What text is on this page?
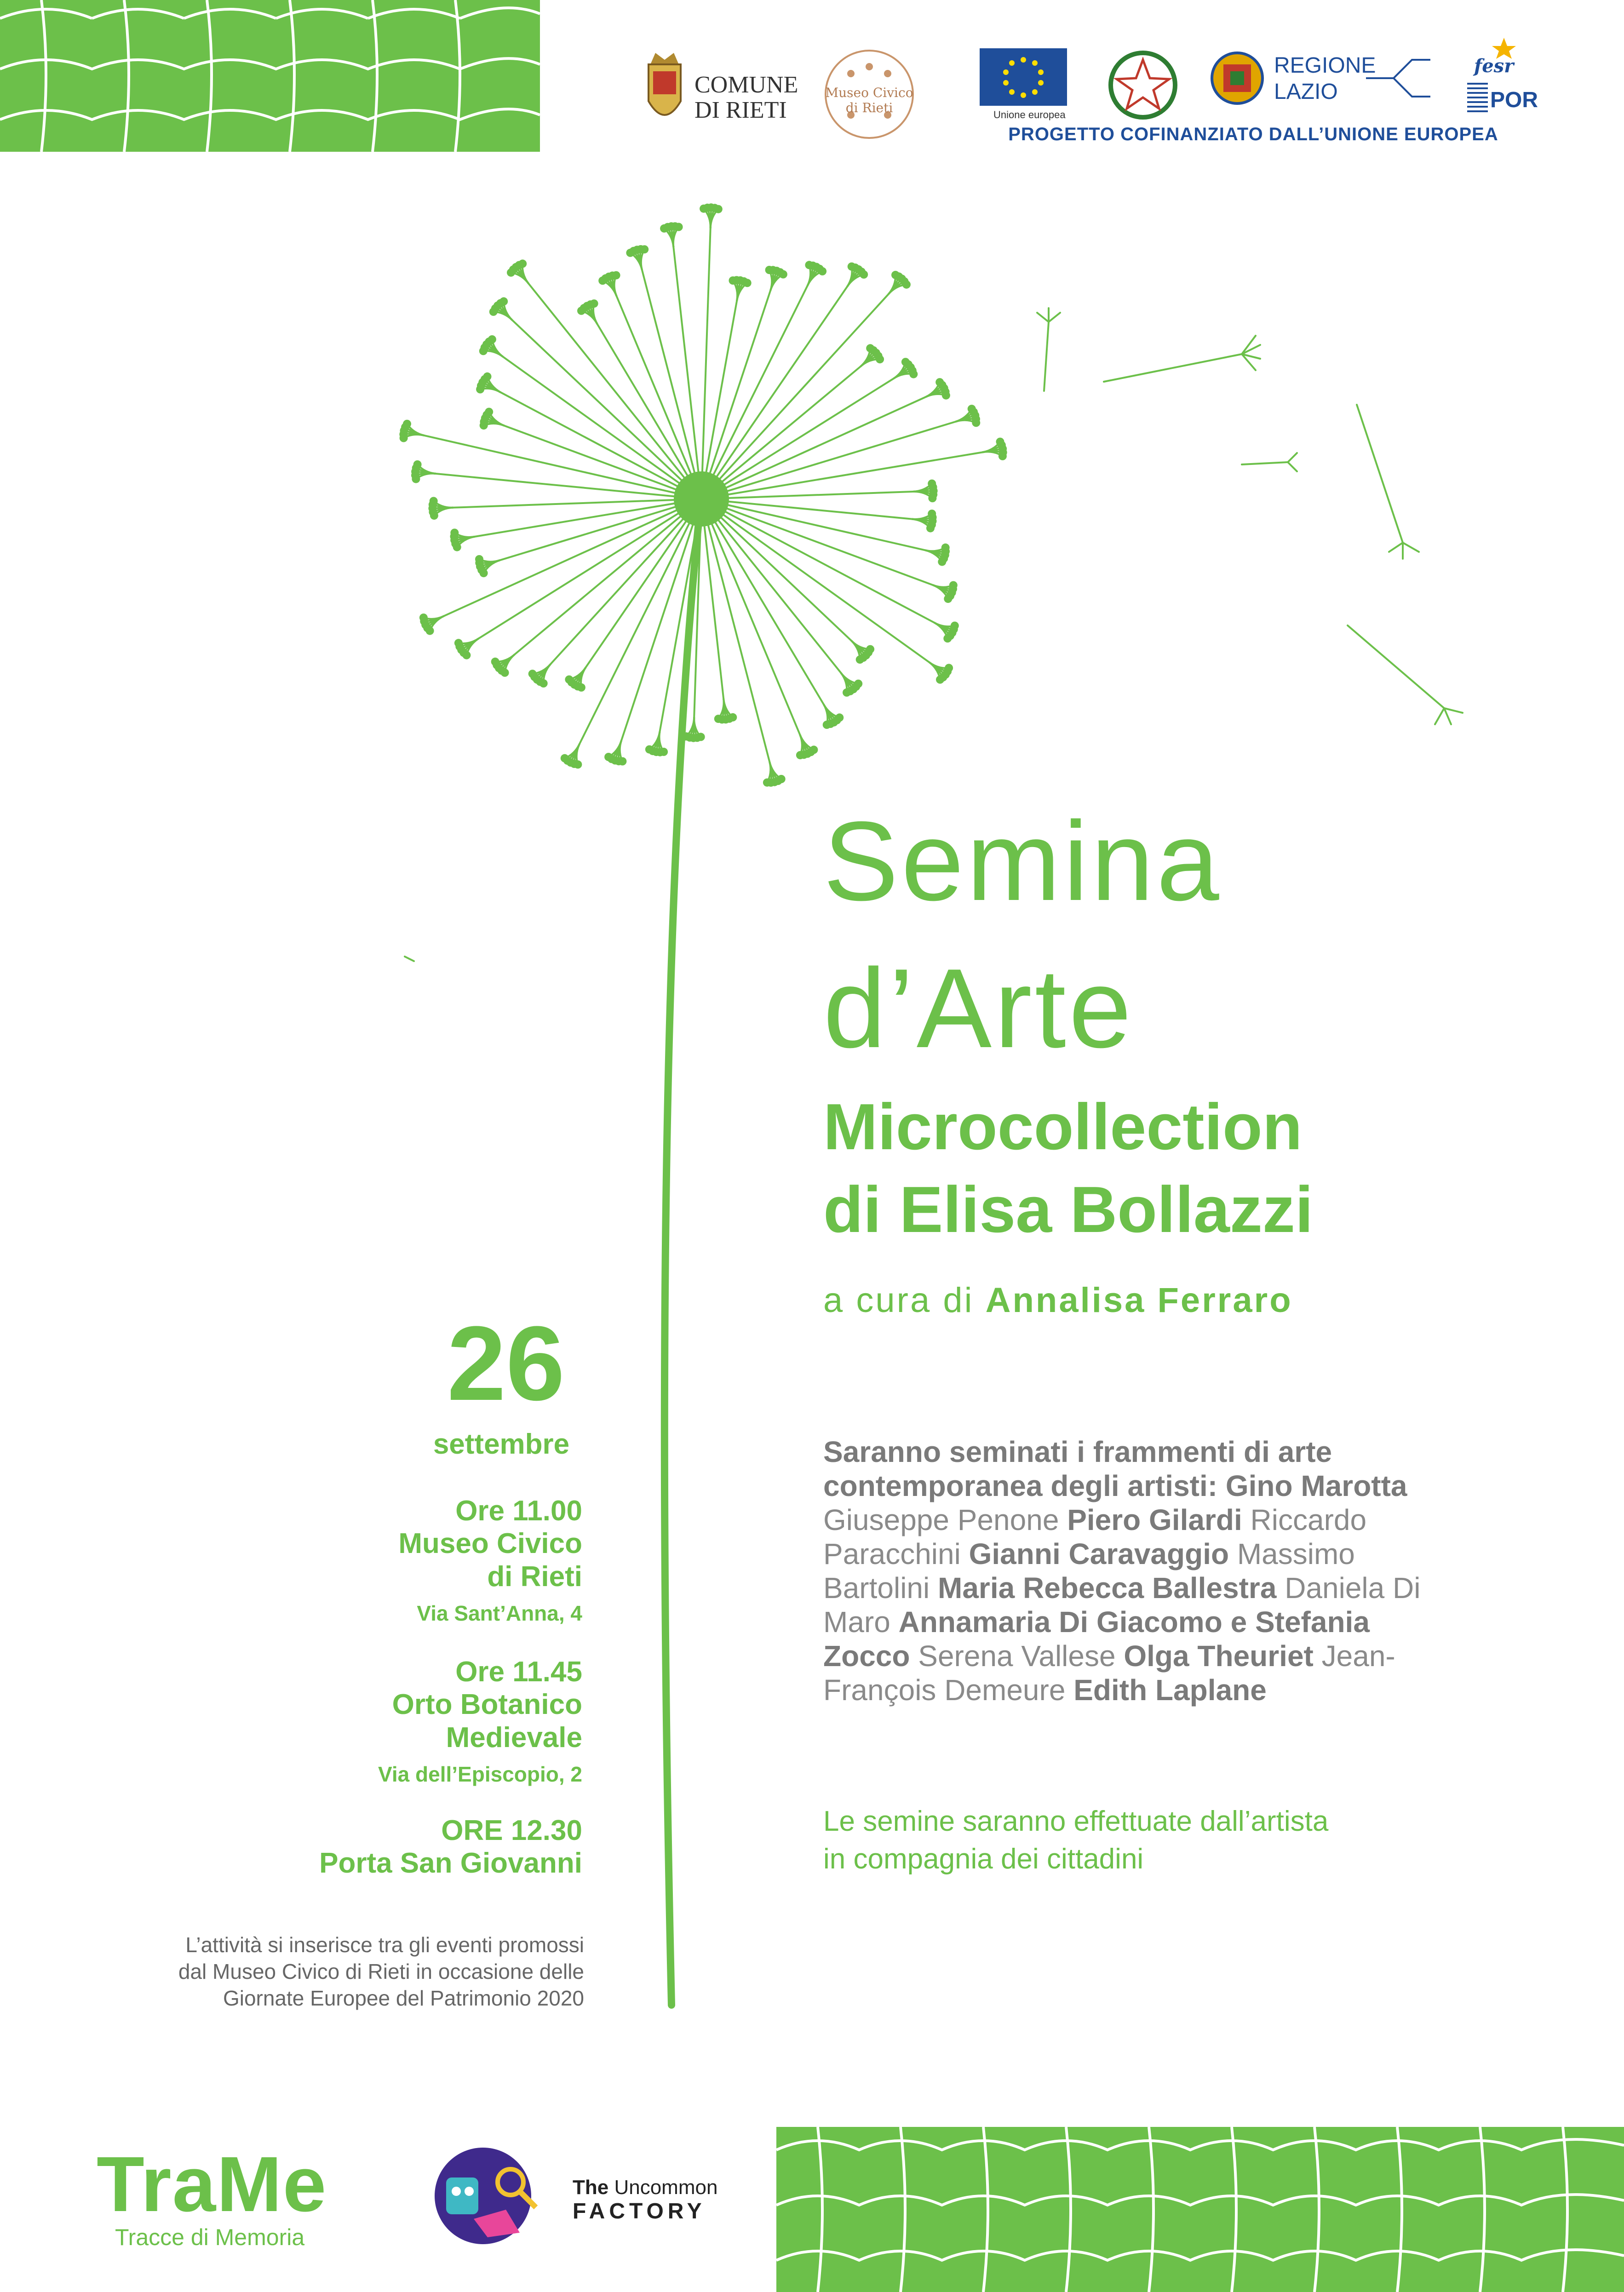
COMUNE
DI RIETI
Museo Civico di Rieti	Unione europea
REGIONE
LAZIO
fesr
POR
PROGETTO COFINANZIATO DALL’UNIONE EUROPEA
Semina
d’Arte
Microcollection
di Elisa Bollazzi
a cura di Annalisa Ferraro
26
settembre
Ore 11.00
Museo Civico
di Rieti
Via Sant’Anna, 4
Ore 11.45
Orto Botanico
Medievale
Via dell’Episcopio, 2
ORE 12.30
Porta San Giovanni
Saranno seminati i frammenti di arte contemporanea degli artisti: Gino Marotta Giuseppe Penone Piero Gilardi Riccardo Paracchini Gianni Caravaggio Massimo Bartolini Maria Rebecca Ballestra Daniela Di Maro Annamaria Di Giacomo e Stefania Zocco Serena Vallese Olga Theuriet Jean-François Demeure Edith Laplane
Le semine saranno effettuate dall’artista
in compagnia dei cittadini
L’attività si inserisce tra gli eventi promossi
dal Museo Civico di Rieti in occasione delle
Giornate Europee del Patrimonio 2020
TraMe
Tracce di Memoria
The Uncommon
FACTORY
